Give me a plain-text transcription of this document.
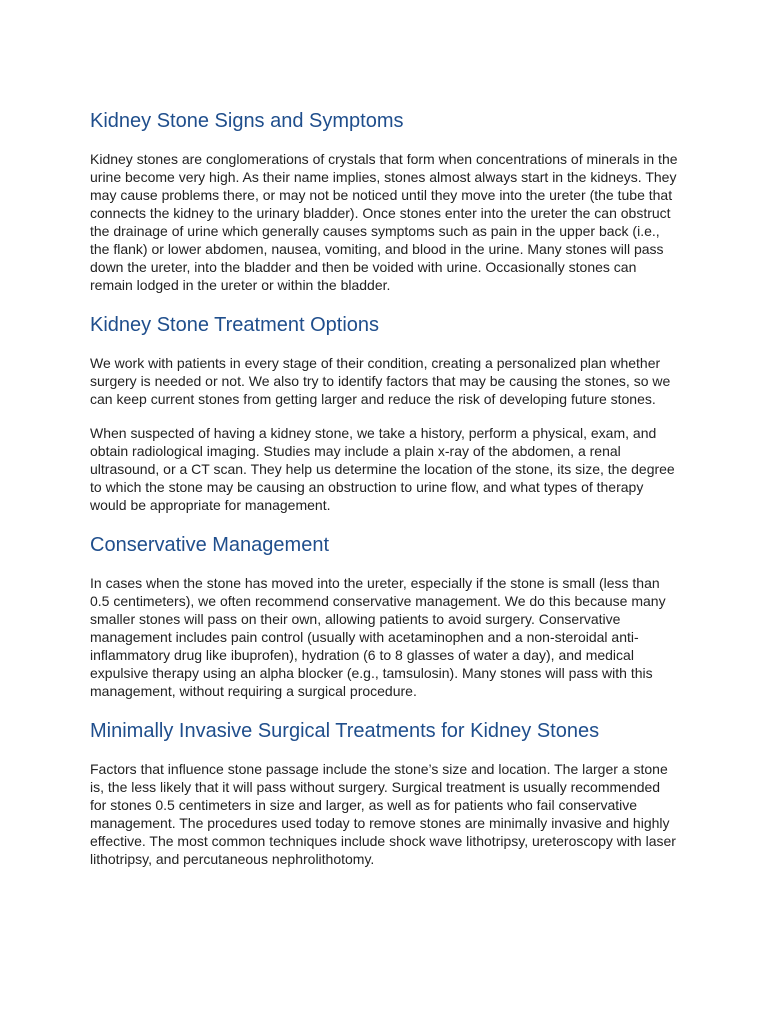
Kidney Stone Signs and Symptoms

Kidney stones are conglomerations of crystals that form when concentrations of minerals in the urine become very high. As their name implies, stones almost always start in the kidneys. They may cause problems there, or may not be noticed until they move into the ureter (the tube that connects the kidney to the urinary bladder). Once stones enter into the ureter the can obstruct the drainage of urine which generally causes symptoms such as pain in the upper back (i.e., the flank) or lower abdomen, nausea, vomiting, and blood in the urine. Many stones will pass down the ureter, into the bladder and then be voided with urine. Occasionally stones can remain lodged in the ureter or within the bladder.

Kidney Stone Treatment Options

We work with patients in every stage of their condition, creating a personalized plan whether surgery is needed or not. We also try to identify factors that may be causing the stones, so we can keep current stones from getting larger and reduce the risk of developing future stones.

When suspected of having a kidney stone, we take a history, perform a physical, exam, and obtain radiological imaging. Studies may include a plain x-ray of the abdomen, a renal ultrasound, or a CT scan. They help us determine the location of the stone, its size, the degree to which the stone may be causing an obstruction to urine flow, and what types of therapy would be appropriate for management.

Conservative Management

In cases when the stone has moved into the ureter, especially if the stone is small (less than 0.5 centimeters), we often recommend conservative management. We do this because many smaller stones will pass on their own, allowing patients to avoid surgery. Conservative management includes pain control (usually with acetaminophen and a non-steroidal anti-inflammatory drug like ibuprofen), hydration (6 to 8 glasses of water a day), and medical expulsive therapy using an alpha blocker (e.g., tamsulosin). Many stones will pass with this management, without requiring a surgical procedure.

Minimally Invasive Surgical Treatments for Kidney Stones

Factors that influence stone passage include the stone’s size and location. The larger a stone is, the less likely that it will pass without surgery. Surgical treatment is usually recommended for stones 0.5 centimeters in size and larger, as well as for patients who fail conservative management. The procedures used today to remove stones are minimally invasive and highly effective. The most common techniques include shock wave lithotripsy, ureteroscopy with laser lithotripsy, and percutaneous nephrolithotomy.
